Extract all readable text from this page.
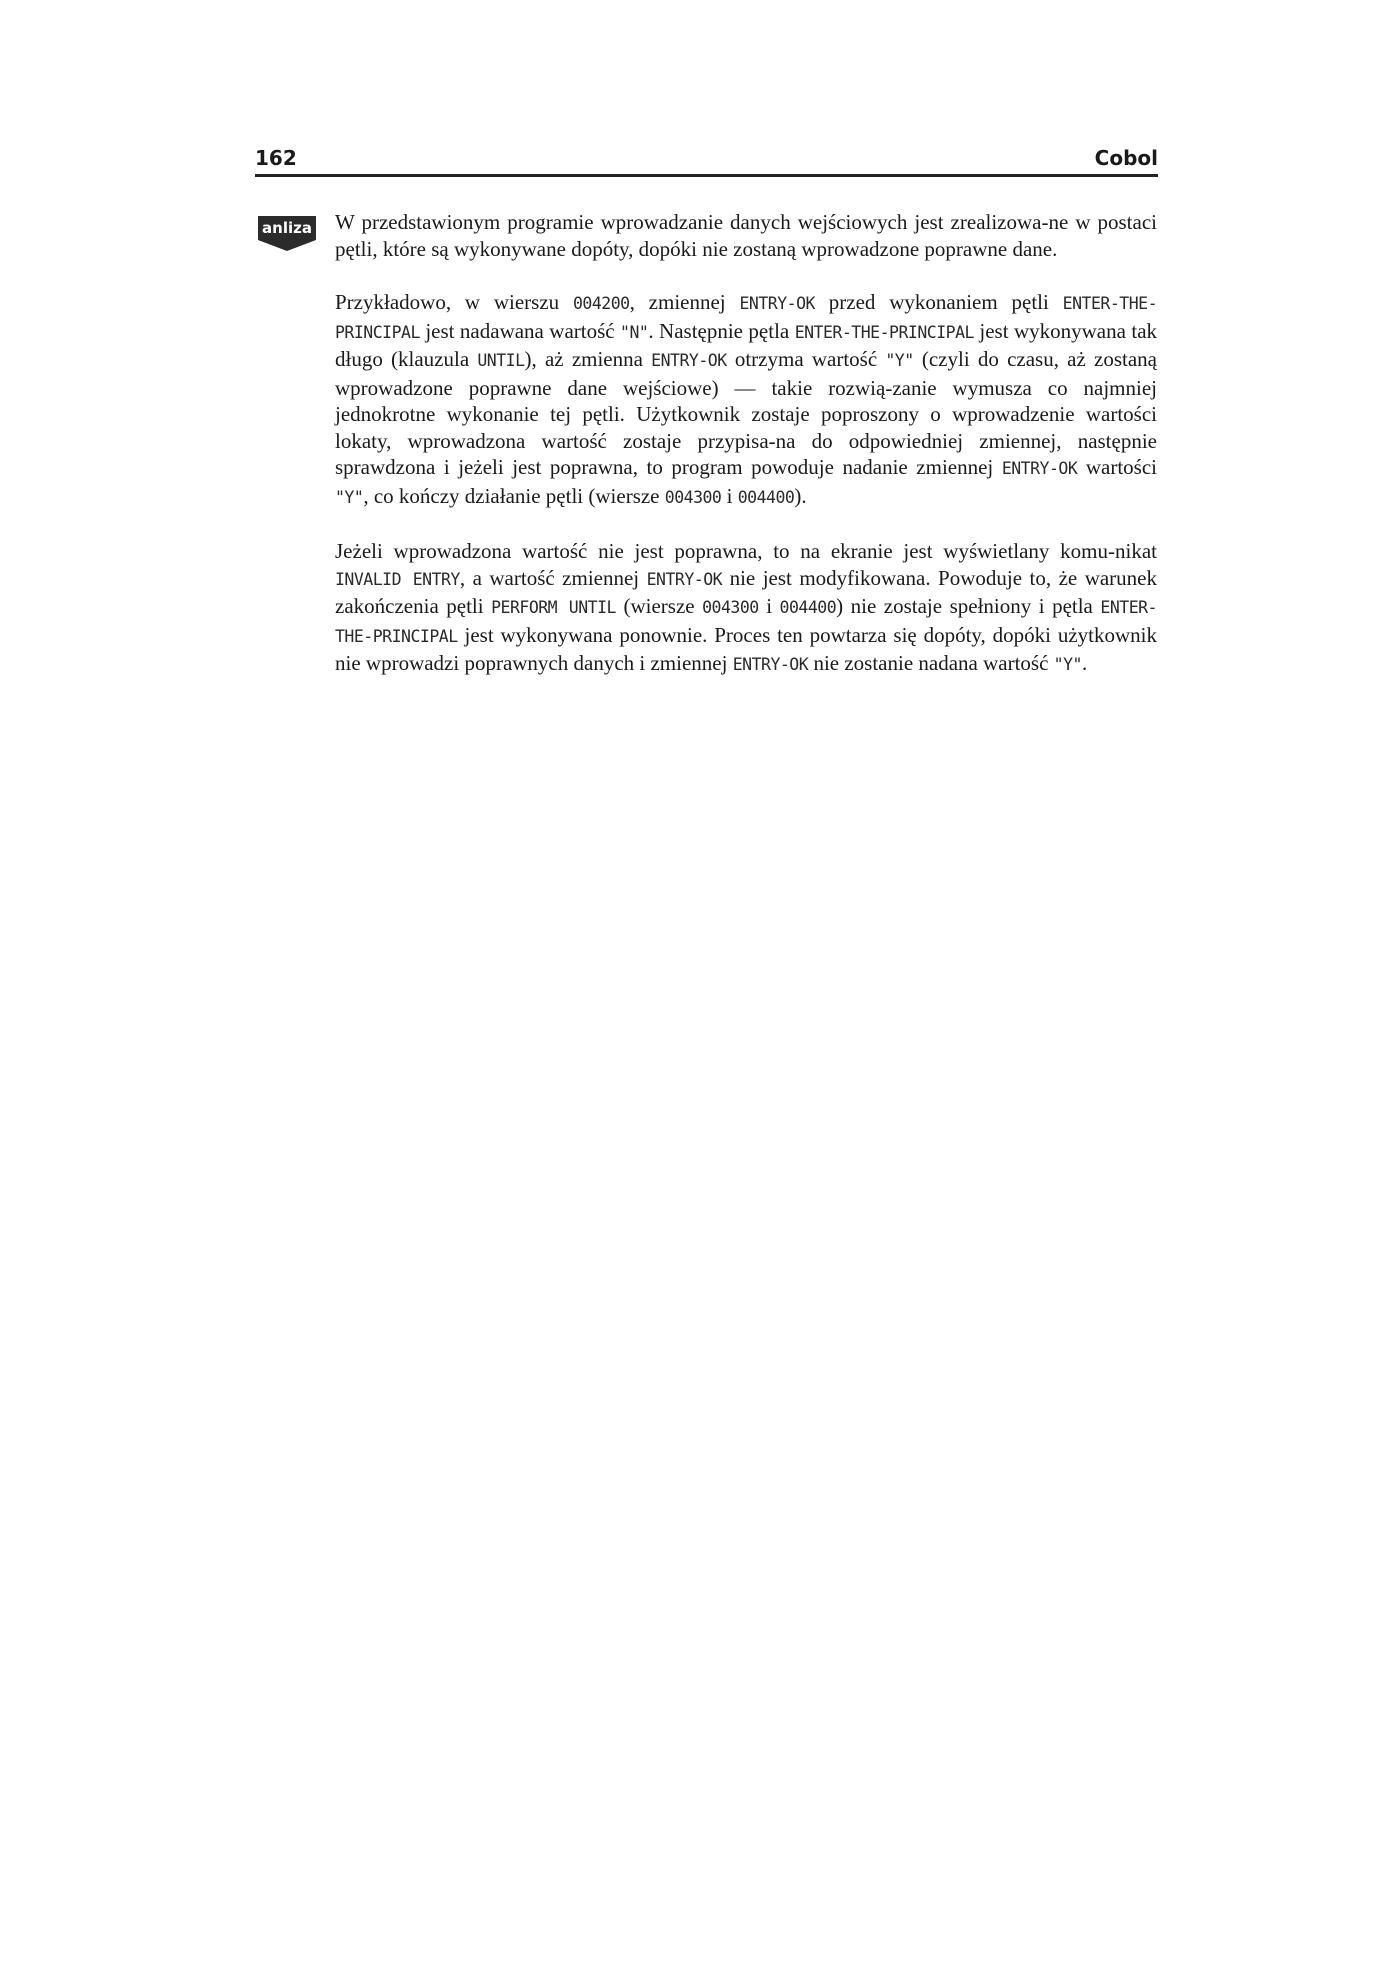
162	Cobol
anliza W przedstawionym programie wprowadzanie danych wejściowych jest zrealizowa-ne w postaci pętli, które są wykonywane dopóty, dopóki nie zostaną wprowadzone poprawne dane.

Przykładowo, w wierszu 004200, zmiennej ENTRY-OK przed wykonaniem pętli ENTER-THE-PRINCIPAL jest nadawana wartość "N". Następnie pętla ENTER-THE-PRINCIPAL jest wykonywana tak długo (klauzula UNTIL), aż zmienna ENTRY-OK otrzyma wartość "Y" (czyli do czasu, aż zostaną wprowadzone poprawne dane wejściowe) — takie rozwią-zanie wymusza co najmniej jednokrotne wykonanie tej pętli. Użytkownik zostaje poproszony o wprowadzenie wartości lokaty, wprowadzona wartość zostaje przypisa-na do odpowiedniej zmiennej, następnie sprawdzona i jeżeli jest poprawna, to program powoduje nadanie zmiennej ENTRY-OK wartości "Y", co kończy działanie pętli (wiersze 004300 i 004400).

Jeżeli wprowadzona wartość nie jest poprawna, to na ekranie jest wyświetlany komu-nikat INVALID ENTRY, a wartość zmiennej ENTRY-OK nie jest modyfikowana. Powoduje to, że warunek zakończenia pętli PERFORM UNTIL (wiersze 004300 i 004400) nie zostaje spełniony i pętla ENTER-THE-PRINCIPAL jest wykonywana ponownie. Proces ten powtarza się dopóty, dopóki użytkownik nie wprowadzi poprawnych danych i zmiennej ENTRY-OK nie zostanie nadana wartość "Y".
